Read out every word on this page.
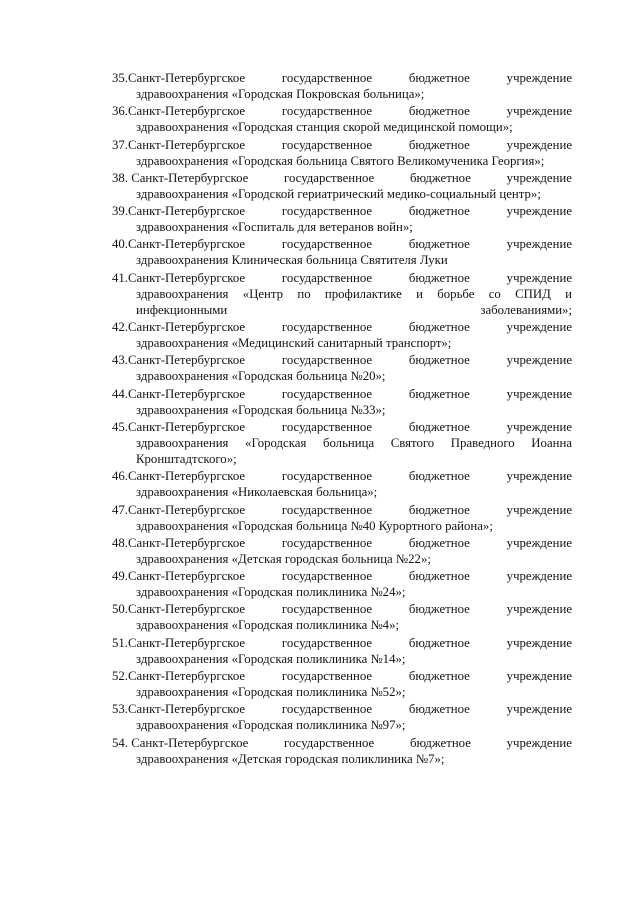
35.Санкт-Петербургское	государственное	бюджетное	учреждение
здравоохранения «Городская Покровская больница»;
36.Санкт-Петербургское	государственное	бюджетное	учреждение
здравоохранения «Городская станция скорой медицинской помощи»;
37.Санкт-Петербургское	государственное	бюджетное	учреждение
здравоохранения «Городская больница Святого Великомученика Георгия»;
38. Санкт-Петербургское	государственное	бюджетное	учреждение
здравоохранения «Городской гериатрический медико-социальный центр»;
39.Санкт-Петербургское	государственное	бюджетное	учреждение
здравоохранения «Госпиталь для ветеранов войн»;
40.Санкт-Петербургское	государственное	бюджетное	учреждение
здравоохранения Клиническая больница Святителя Луки
41.Санкт-Петербургское	государственное	бюджетное	учреждение
здравоохранения «Центр по профилактике и борьбе со СПИД и инфекционными заболеваниями»;
42.Санкт-Петербургское	государственное	бюджетное	учреждение
здравоохранения «Медицинский санитарный транспорт»;
43.Санкт-Петербургское	государственное	бюджетное	учреждение
здравоохранения «Городская больница №20»;
44.Санкт-Петербургское	государственное	бюджетное	учреждение
здравоохранения «Городская больница №33»;
45.Санкт-Петербургское	государственное	бюджетное	учреждение
здравоохранения «Городская больница Святого Праведного Иоанна Кронштадтского»;
46.Санкт-Петербургское	государственное	бюджетное	учреждение
здравоохранения «Николаевская больница»;
47.Санкт-Петербургское	государственное	бюджетное	учреждение
здравоохранения «Городская больница №40 Курортного района»;
48.Санкт-Петербургское	государственное	бюджетное	учреждение
здравоохранения «Детская городская больница №22»;
49.Санкт-Петербургское	государственное	бюджетное	учреждение
здравоохранения «Городская поликлиника №24»;
50.Санкт-Петербургское	государственное	бюджетное	учреждение
здравоохранения «Городская поликлиника №4»;
51.Санкт-Петербургское	государственное	бюджетное	учреждение
здравоохранения «Городская поликлиника №14»;
52.Санкт-Петербургское	государственное	бюджетное	учреждение
здравоохранения «Городская поликлиника №52»;
53.Санкт-Петербургское	государственное	бюджетное	учреждение
здравоохранения «Городская поликлиника №97»;
54. Санкт-Петербургское	государственное	бюджетное	учреждение
здравоохранения «Детская городская поликлиника №7»;
